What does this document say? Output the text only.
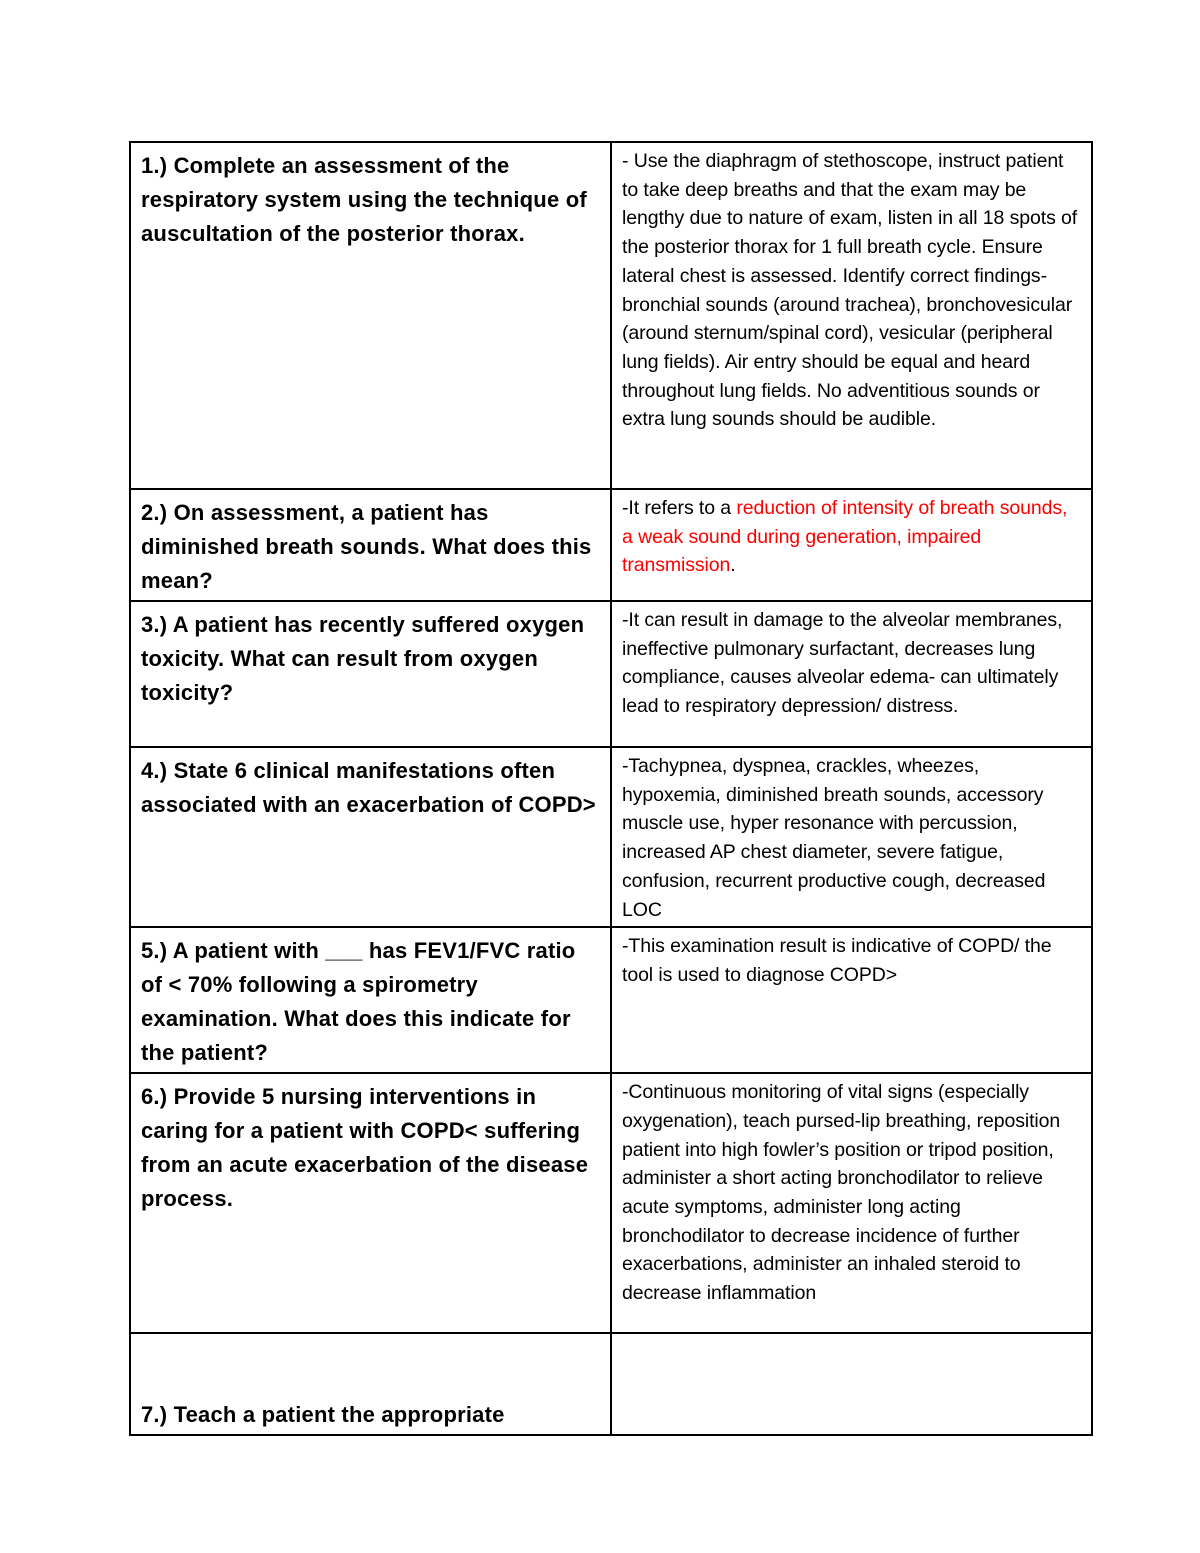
1.) Complete an assessment of the respiratory system using the technique of auscultation of the posterior thorax.	- Use the diaphragm of stethoscope, instruct patient to take deep breaths and that the exam may be lengthy due to nature of exam, listen in all 18 spots of the posterior thorax for 1 full breath cycle. Ensure lateral chest is assessed. Identify correct findings- bronchial sounds (around trachea), bronchovesicular (around sternum/spinal cord), vesicular (peripheral lung fields). Air entry should be equal and heard throughout lung fields. No adventitious sounds or extra lung sounds should be audible.

2.) On assessment, a patient has diminished breath sounds. What does this mean?	-It refers to a reduction of intensity of breath sounds, a weak sound during generation, impaired transmission.

3.) A patient has recently suffered oxygen toxicity. What can result from oxygen toxicity?	-It can result in damage to the alveolar membranes, ineffective pulmonary surfactant, decreases lung compliance, causes alveolar edema- can ultimately lead to respiratory depression/ distress.

4.) State 6 clinical manifestations often associated with an exacerbation of COPD>	-Tachypnea, dyspnea, crackles, wheezes, hypoxemia, diminished breath sounds, accessory muscle use, hyper resonance with percussion, increased AP chest diameter, severe fatigue, confusion, recurrent productive cough, decreased LOC

5.) A patient with ___ has FEV1/FVC ratio of < 70% following a spirometry examination. What does this indicate for the patient?	-This examination result is indicative of COPD/ the tool is used to diagnose COPD>

6.) Provide 5 nursing interventions in caring for a patient with COPD< suffering from an acute exacerbation of the disease process.	-Continuous monitoring of vital signs (especially oxygenation), teach pursed-lip breathing, reposition patient into high fowler’s position or tripod position, administer a short acting bronchodilator to relieve acute symptoms, administer long acting bronchodilator to decrease incidence of further exacerbations, administer an inhaled steroid to decrease inflammation

7.) Teach a patient the appropriate	
